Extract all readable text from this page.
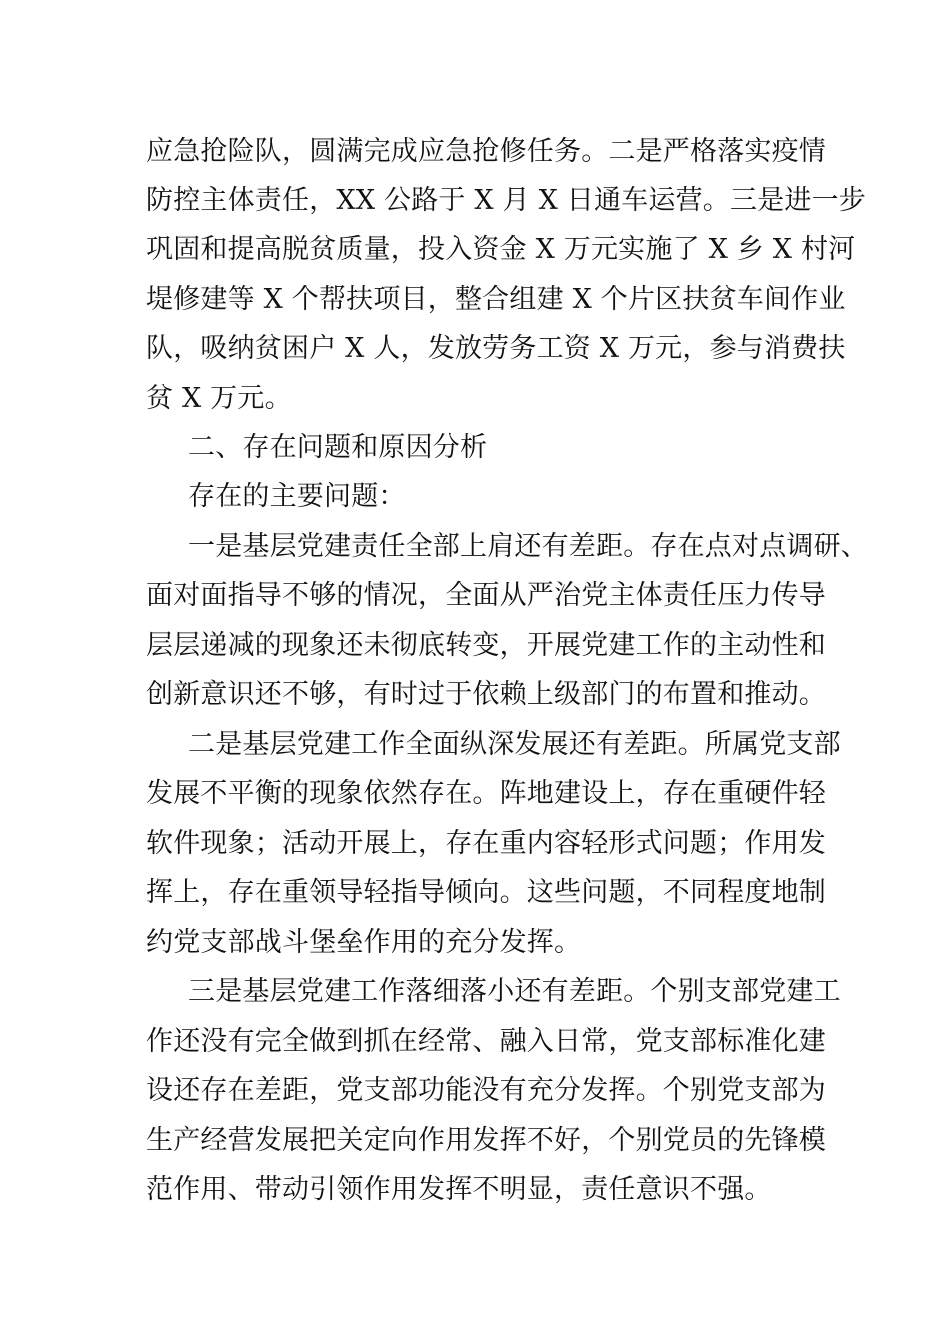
应急抢险队，圆满完成应急抢修任务。二是严格落实疫情
防控主体责任，XX 公路于 X 月 X 日通车运营。三是进一步
巩固和提高脱贫质量，投入资金 X 万元实施了 X 乡 X 村河
堤修建等 X 个帮扶项目，整合组建 X 个片区扶贫车间作业
队，吸纳贫困户 X 人，发放劳务工资 X 万元，参与消费扶
贫 X 万元。
二、存在问题和原因分析
存在的主要问题：
一是基层党建责任全部上肩还有差距。存在点对点调研、
面对面指导不够的情况，全面从严治党主体责任压力传导
层层递减的现象还未彻底转变，开展党建工作的主动性和
创新意识还不够，有时过于依赖上级部门的布置和推动。
二是基层党建工作全面纵深发展还有差距。所属党支部
发展不平衡的现象依然存在。阵地建设上，存在重硬件轻
软件现象；活动开展上，存在重内容轻形式问题；作用发
挥上，存在重领导轻指导倾向。这些问题，不同程度地制
约党支部战斗堡垒作用的充分发挥。
三是基层党建工作落细落小还有差距。个别支部党建工
作还没有完全做到抓在经常、融入日常，党支部标准化建
设还存在差距，党支部功能没有充分发挥。个别党支部为
生产经营发展把关定向作用发挥不好，个别党员的先锋模
范作用、带动引领作用发挥不明显，责任意识不强。
